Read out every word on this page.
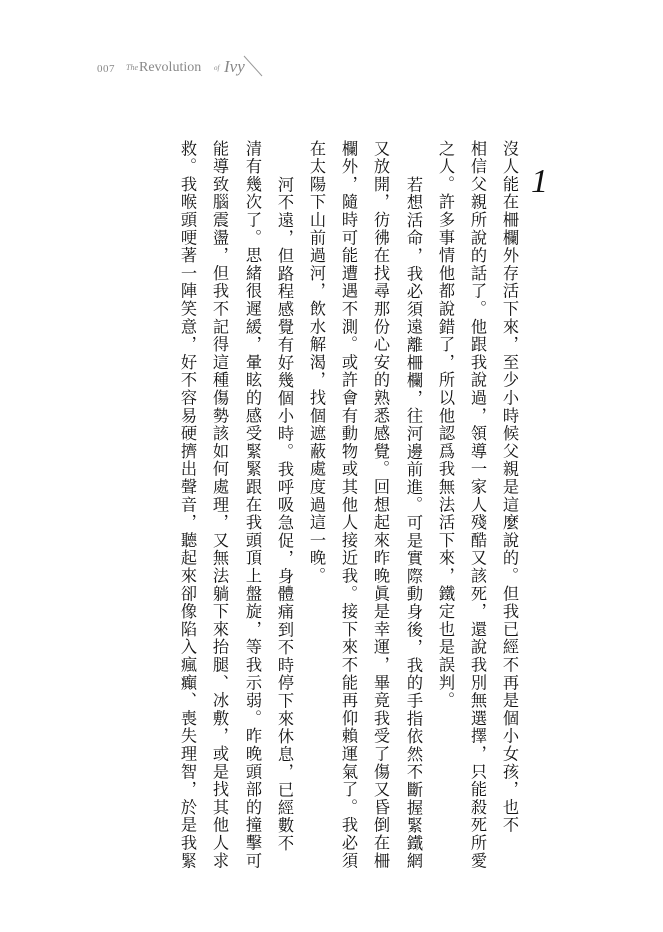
007 The Revolution of Ivy
1
沒人能在柵欄外存活下來，至少小時候父親是這麼說的。但我已經不再是個小女孩，也不
相信父親所說的話了。他跟我說過，領導一家人殘酷又該死，還說我別無選擇，只能殺死所愛
之人。許多事情他都說錯了，所以他認爲我無法活下來，鐵定也是誤判。
若想活命，我必須遠離柵欄，往河邊前進。可是實際動身後，我的手指依然不斷握緊鐵網
又放開，彷彿在找尋那份心安的熟悉感覺。回想起來昨晚眞是幸運，畢竟我受了傷又昏倒在柵
欄外，隨時可能遭遇不測。或許會有動物或其他人接近我。接下來不能再仰賴運氣了。我必須
在太陽下山前過河，飲水解渴，找個遮蔽處度過這一晚。
河不遠，但路程感覺有好幾個小時。我呼吸急促，身體痛到不時停下來休息，已經數不
清有幾次了。思緒很遲緩，暈眩的感受緊緊跟在我頭頂上盤旋，等我示弱。昨晚頭部的撞擊可
能導致腦震盪，但我不記得這種傷勢該如何處理，又無法躺下來抬腿、冰敷，或是找其他人求
救。我喉頭哽著一陣笑意，好不容易硬擠出聲音，聽起來卻像陷入瘋癲、喪失理智，於是我緊
